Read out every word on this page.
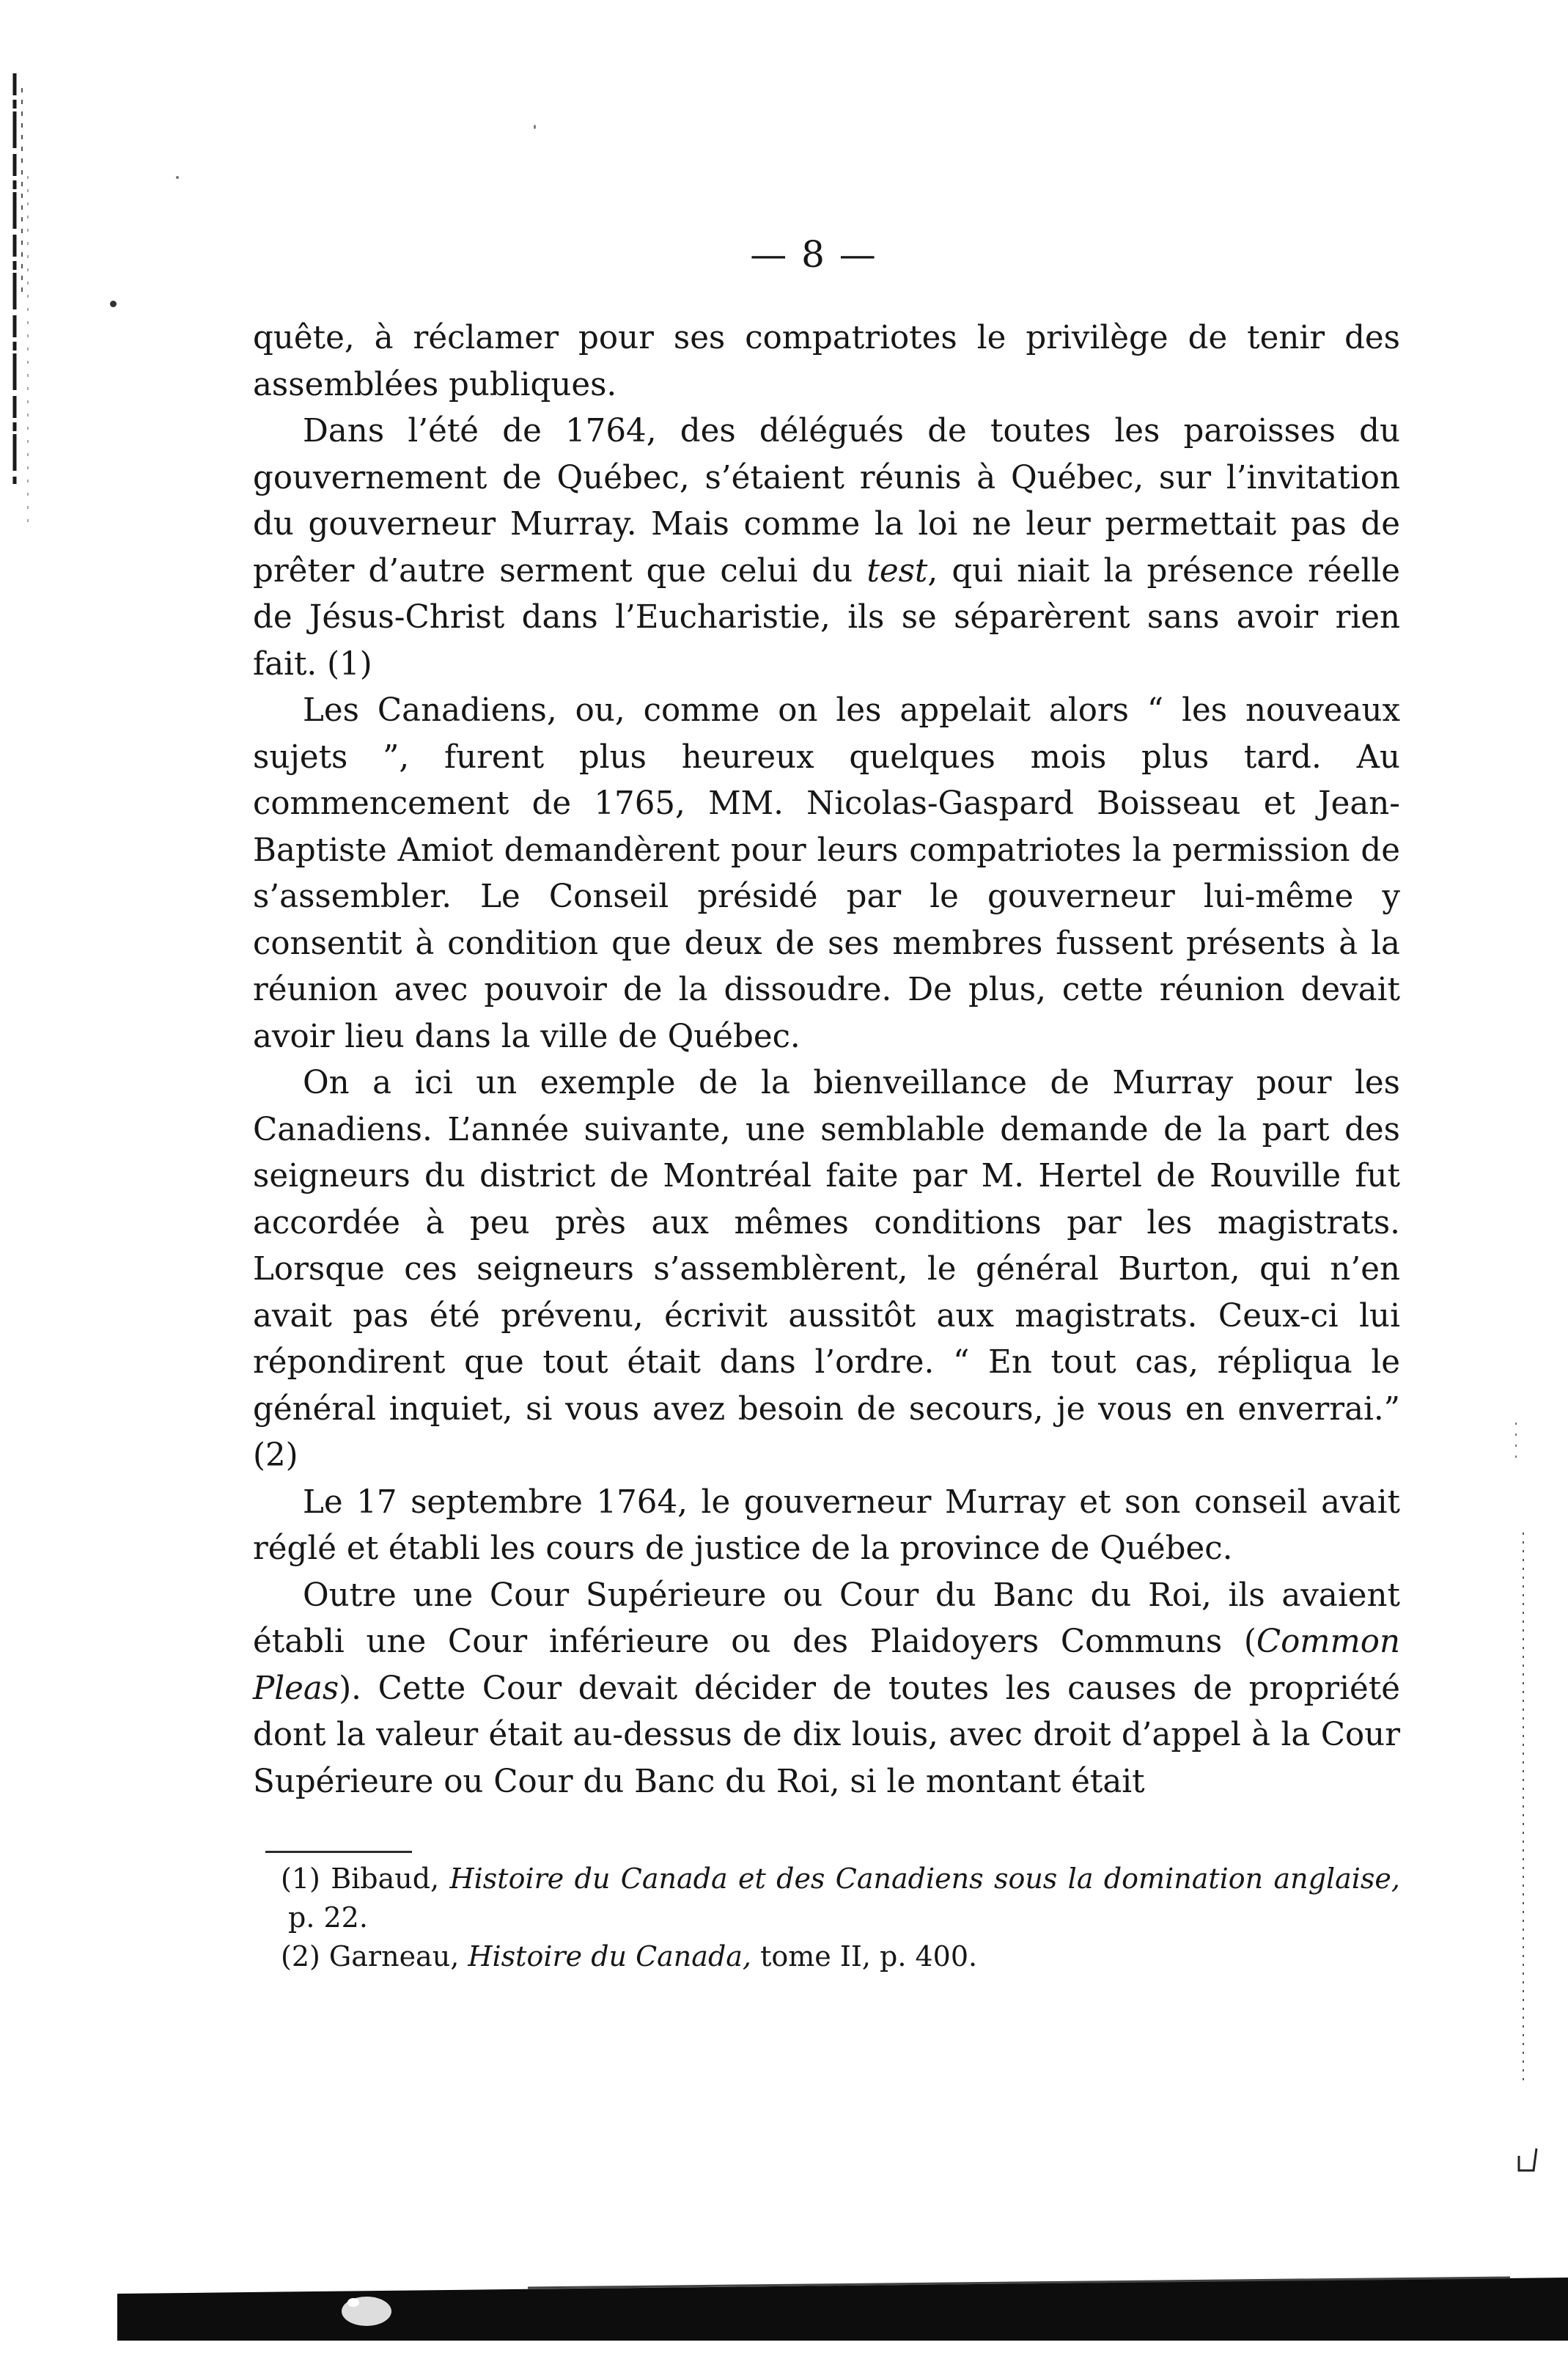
— 8 —

quête, à réclamer pour ses compatriotes le privilège de tenir des assemblées publiques.

Dans l’été de 1764, des délégués de toutes les paroisses du gouvernement de Québec, s’étaient réunis à Québec, sur l’invitation du gouverneur Murray. Mais comme la loi ne leur permettait pas de prêter d’autre serment que celui du test, qui niait la présence réelle de Jésus-Christ dans l’Eucharistie, ils se séparèrent sans avoir rien fait. (1)

Les Canadiens, ou, comme on les appelait alors “ les nouveaux sujets ”, furent plus heureux quelques mois plus tard. Au commencement de 1765, MM. Nicolas-Gaspard Boisseau et Jean-Baptiste Amiot demandèrent pour leurs compatriotes la permission de s’assembler. Le Conseil présidé par le gouverneur lui-même y consentit à condition que deux de ses membres fussent présents à la réunion avec pouvoir de la dissoudre. De plus, cette réunion devait avoir lieu dans la ville de Québec.

On a ici un exemple de la bienveillance de Murray pour les Canadiens. L’année suivante, une semblable demande de la part des seigneurs du district de Montréal faite par M. Hertel de Rouville fut accordée à peu près aux mêmes conditions par les magistrats. Lorsque ces seigneurs s’assemblèrent, le général Burton, qui n’en avait pas été prévenu, écrivit aussitôt aux magistrats. Ceux-ci lui répondirent que tout était dans l’ordre. “ En tout cas, répliqua le général inquiet, si vous avez besoin de secours, je vous en enverrai.” (2)

Le 17 septembre 1764, le gouverneur Murray et son conseil avait réglé et établi les cours de justice de la province de Québec.

Outre une Cour Supérieure ou Cour du Banc du Roi, ils avaient établi une Cour inférieure ou des Plaidoyers Communs (Common Pleas). Cette Cour devait décider de toutes les causes de propriété dont la valeur était au-dessus de dix louis, avec droit d’appel à la Cour Supérieure ou Cour du Banc du Roi, si le montant était

(1) Bibaud, Histoire du Canada et des Canadiens sous la domination anglaise, p. 22.

(2) Garneau, Histoire du Canada, tome II, p. 400.
